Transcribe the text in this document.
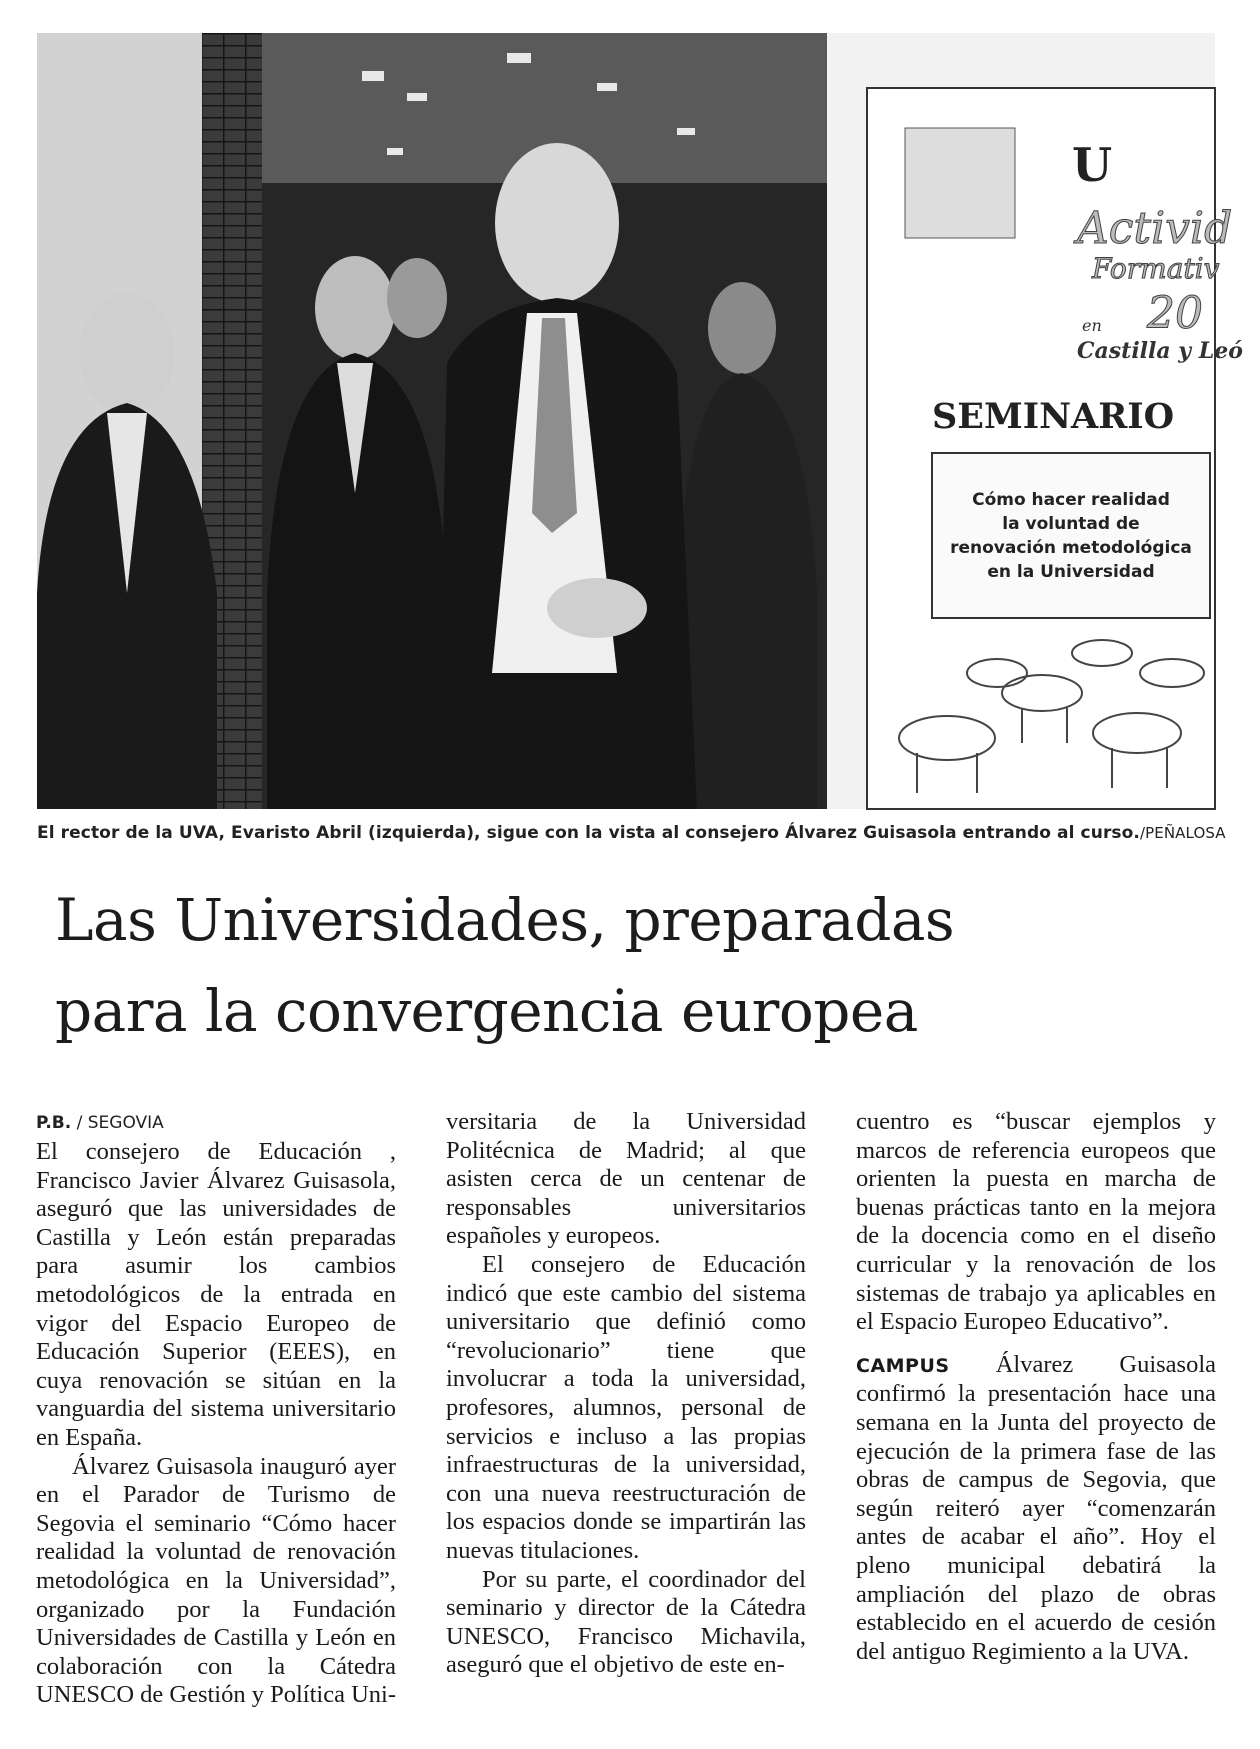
U
Activid
Formativ
20
en
Castilla y Leó
SEMINARIO
Cómo hacer realidad
la voluntad de
renovación metodológica
en la Universidad
El rector de la UVA, Evaristo Abril (izquierda), sigue con la vista al consejero Álvarez Guisasola entrando al curso./PEÑALOSA
Las Universidades, preparadas
para la convergencia europea
P.B. / SEGOVIA

El consejero de Educación , Francisco Javier Álvarez Guisasola, aseguró que las universidades de Castilla y León están preparadas para asumir los cambios metodológicos de la entrada en vigor del Espacio Europeo de Educación Superior (EEES), en cuya renovación se sitúan en la vanguardia del sistema universitario en España.

Álvarez Guisasola inauguró ayer en el Parador de Turismo de Segovia el seminario “Cómo hacer realidad la voluntad de renovación metodológica en la Universidad”, organizado por la Fundación Universidades de Castilla y León en colaboración con la Cátedra UNESCO de Gestión y Política Uni-

versitaria de la Universidad Politécnica de Madrid; al que asisten cerca de un centenar de responsables universitarios españoles y europeos.

El consejero de Educación indicó que este cambio del sistema universitario que definió como “revolucionario” tiene que involucrar a toda la universidad, profesores, alumnos, personal de servicios e incluso a las propias infraestructuras de la universidad, con una nueva reestructuración de los espacios donde se impartirán las nuevas titulaciones.

Por su parte, el coordinador del seminario y director de la Cátedra UNESCO, Francisco Michavila, aseguró que el objetivo de este en-

cuentro es “buscar ejemplos y marcos de referencia europeos que orienten la puesta en marcha de buenas prácticas tanto en la mejora de la docencia como en el diseño curricular y la renovación de los sistemas de trabajo ya aplicables en el Espacio Europeo Educativo”.

CAMPUS Álvarez Guisasola confirmó la presentación hace una semana en la Junta del proyecto de ejecución de la primera fase de las obras de campus de Segovia, que según reiteró ayer “comenzarán antes de acabar el año”. Hoy el pleno municipal debatirá la ampliación del plazo de obras establecido en el acuerdo de cesión del antiguo Regimiento a la UVA.
